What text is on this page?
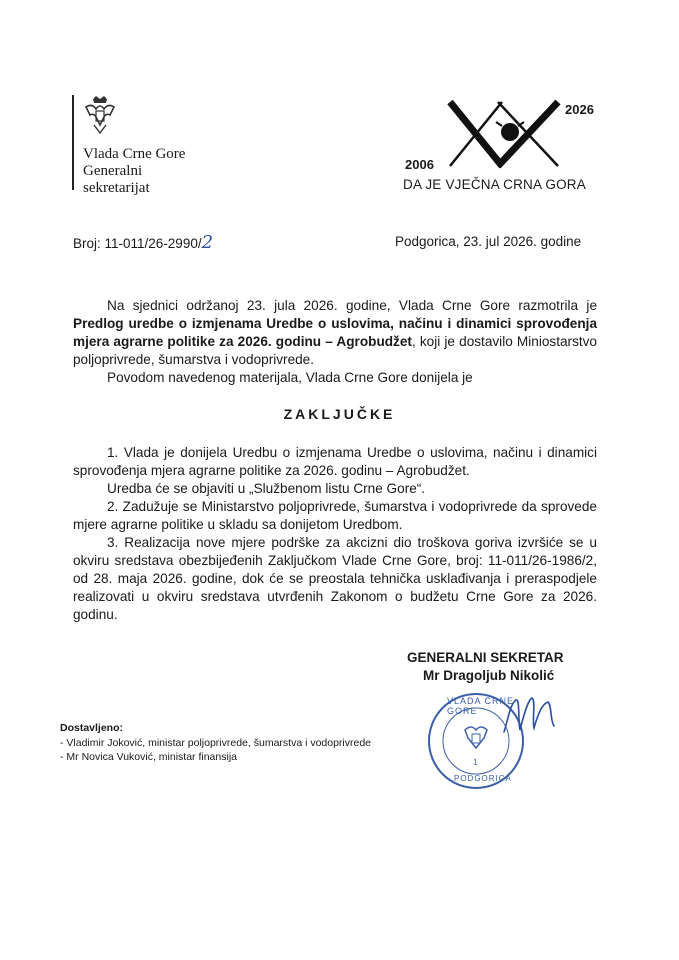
Vlada Crne Gore
Generalni
sekretarijat
2026
2006
DA JE VJEČNA CRNA GORA
Broj: 11-011/26-2990/2	Podgorica, 23. jul 2026. godine

Na sjednici održanoj 23. jula 2026. godine, Vlada Crne Gore razmotrila je Predlog uredbe o izmjenama Uredbe o uslovima, načinu i dinamici sprovođenja mjera agrarne politike za 2026. godinu – Agrobudžet, koji je dostavilo Miniostarstvo poljoprivrede, šumarstva i vodoprivrede.

Povodom navedenog materijala, Vlada Crne Gore donijela je

ZAKLJUČKE

1. Vlada je donijela Uredbu o izmjenama Uredbe o uslovima, načinu i dinamici sprovođenja mjera agrarne politike za 2026. godinu – Agrobudžet.

Uredba će se objaviti u „Službenom listu Crne Gore“.

2. Zadužuje se Ministarstvo poljoprivrede, šumarstva i vodoprivrede da sprovede mjere agrarne politike u skladu sa donijetom Uredbom.

3. Realizacija nove mjere podrške za akcizni dio troškova goriva izvršiće se u okviru sredstava obezbijeđenih Zaključkom Vlade Crne Gore, broj: 11-011/26-1986/2, od 28. maja 2026. godine, dok će se preostala tehnička usklađivanja i preraspodjele realizovati u okviru sredstava utvrđenih Zakonom o budžetu Crne Gore za 2026. godinu.

GENERALNI SEKRETAR
Mr Dragoljub Nikolić
VLADA CRNE GORE
1
PODGORICA
Dostavljeno:
- Vladimir Joković, ministar poljoprivrede, šumarstva i vodoprivrede
- Mr Novica Vuković, ministar finansija
